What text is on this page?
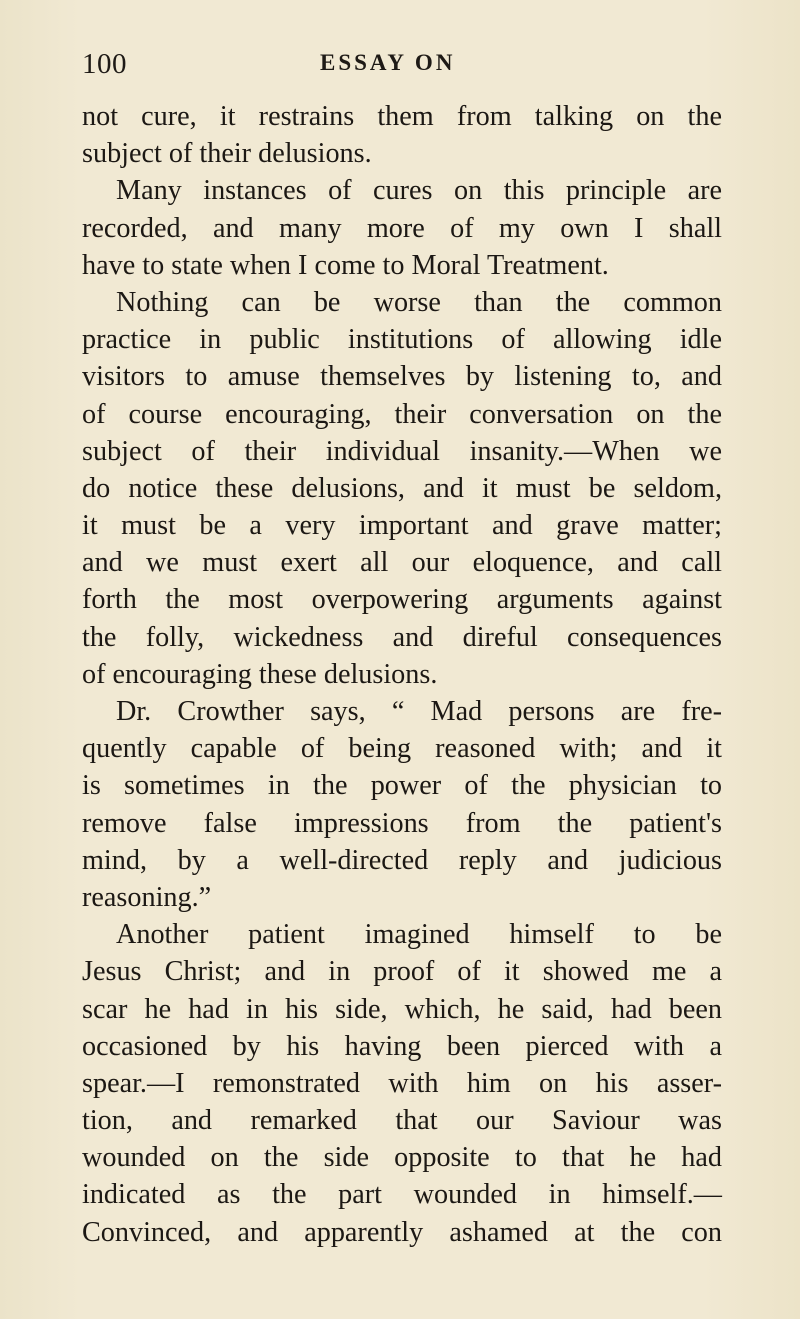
100	ESSAY ON
not cure, it restrains them from talking on the
subject of their delusions.
Many instances of cures on this principle are
recorded, and many more of my own I shall
have to state when I come to Moral Treatment.
Nothing can be worse than the common
practice in public institutions of allowing idle
visitors to amuse themselves by listening to, and
of course encouraging, their conversation on the
subject of their individual insanity.—When we
do notice these delusions, and it must be seldom,
it must be a very important and grave matter;
and we must exert all our eloquence, and call
forth the most overpowering arguments against
the folly, wickedness and direful consequences
of encouraging these delusions.
Dr. Crowther says, “ Mad persons are fre-
quently capable of being reasoned with; and it
is sometimes in the power of the physician to
remove false impressions from the patient's
mind, by a well-directed reply and judicious
reasoning.”
Another patient imagined himself to be
Jesus Christ; and in proof of it showed me a
scar he had in his side, which, he said, had been
occasioned by his having been pierced with a
spear.—I remonstrated with him on his asser-
tion, and remarked that our Saviour was
wounded on the side opposite to that he had
indicated as the part wounded in himself.—
Convinced, and apparently ashamed at the con
